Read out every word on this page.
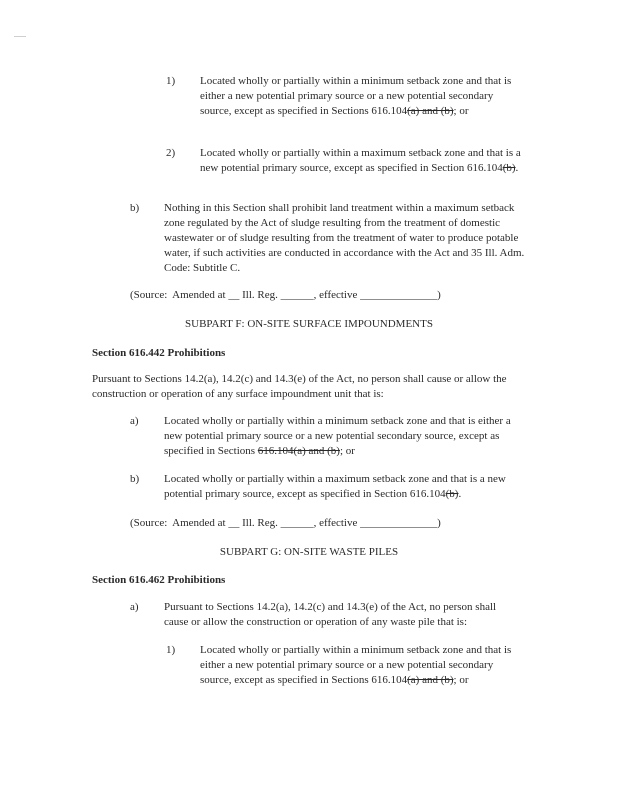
1) Located wholly or partially within a minimum setback zone and that is either a new potential primary source or a new potential secondary source, except as specified in Sections 616.104(a) and (b); or
2) Located wholly or partially within a maximum setback zone and that is a new potential primary source, except as specified in Section 616.104(b).
b) Nothing in this Section shall prohibit land treatment within a maximum setback zone regulated by the Act of sludge resulting from the treatment of domestic wastewater or of sludge resulting from the treatment of water to produce potable water, if such activities are conducted in accordance with the Act and 35 Ill. Adm. Code: Subtitle C.
(Source:  Amended at __ Ill. Reg. ______, effective ______________)
SUBPART F: ON-SITE SURFACE IMPOUNDMENTS
Section 616.442 Prohibitions
Pursuant to Sections 14.2(a), 14.2(c) and 14.3(e) of the Act, no person shall cause or allow the construction or operation of any surface impoundment unit that is:
a) Located wholly or partially within a minimum setback zone and that is either a new potential primary source or a new potential secondary source, except as specified in Sections 616.104(a) and (b); or
b) Located wholly or partially within a maximum setback zone and that is a new potential primary source, except as specified in Section 616.104(b).
(Source:  Amended at __ Ill. Reg. ______, effective ______________)
SUBPART G: ON-SITE WASTE PILES
Section 616.462 Prohibitions
a) Pursuant to Sections 14.2(a), 14.2(c) and 14.3(e) of the Act, no person shall cause or allow the construction or operation of any waste pile that is:
1) Located wholly or partially within a minimum setback zone and that is either a new potential primary source or a new potential secondary source, except as specified in Sections 616.104(a) and (b); or
